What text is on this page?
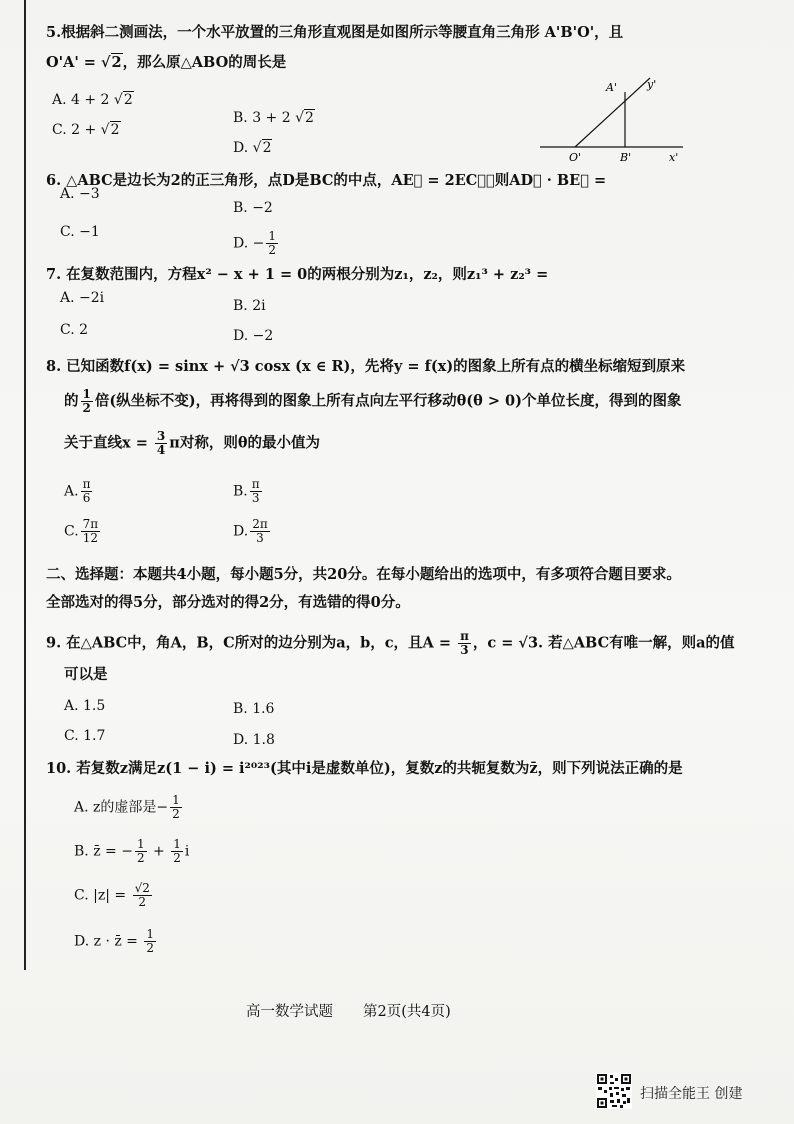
5.根据斜二测画法，一个水平放置的三角形直观图是如图所示等腰直角三角形 A'B'O'，且
O'A' = √2，那么原△ABO的周长是
A. 4 + 2 √2
C. 2 + √2
B. 3 + 2 √2
D. √2
A'	y'
O'	B'	x'
6. △ABC是边长为2的正三角形，点D是BC的中点，AE⃗ = 2EC⃗，则AD⃗ · BE⃗ =
A. −3
B. −2
C. −1
D. − $\frac{1}{2}$
7. 在复数范围内，方程x² − x + 1 = 0的两根分别为z₁，z₂，则z₁³ + z₂³ =
A. −2i	B. 2i
C. 2	D. −2
8. 已知函数f(x) = sinx + √3 cosx (x ∈ R)，先将y = f(x)的图象上所有点的横坐标缩短到原来
的 $\frac{1}{2}$ 倍(纵坐标不变)，再将得到的图象上所有点向左平行移动θ(θ > 0)个单位长度，得到的图象
关于直线$x = \frac{3}{4}$ π对称，则θ的最小值为
A. $\frac{\pi}{6}$	B. $\frac{\pi}{3}$
C. $\frac{7\pi}{12}$	D. $\frac{2\pi}{3}$
二、选择题：本题共4小题，每小题5分，共20分。在每小题给出的选项中，有多项符合题目要求。
全部选对的得5分，部分选对的得2分，有选错的得0分。
9. 在△ABC中，角A，B，C所对的边分别为a，b，c，且$A = \frac{\pi}{3}$ ，c = √3. 若△ABC有唯一解，则a的值
可以是
A. 1.5	B. 1.6
C. 1.7	D. 1.8
10. 若复数z满足z(1 − i) = i²⁰²³(其中i是虚数单位)，复数z的共轭复数为z̄，则下列说法正确的是
A. z的虚部是− $\frac{1}{2}$
B. z̄ = − $\frac{1}{2} + \frac{1}{2}$ i
C. $|z| = \frac{√2}{2}$
D. z · z̄ = $\frac{1}{2}$
高一数学试题 第2页(共4页)
扫描全能王 创建
